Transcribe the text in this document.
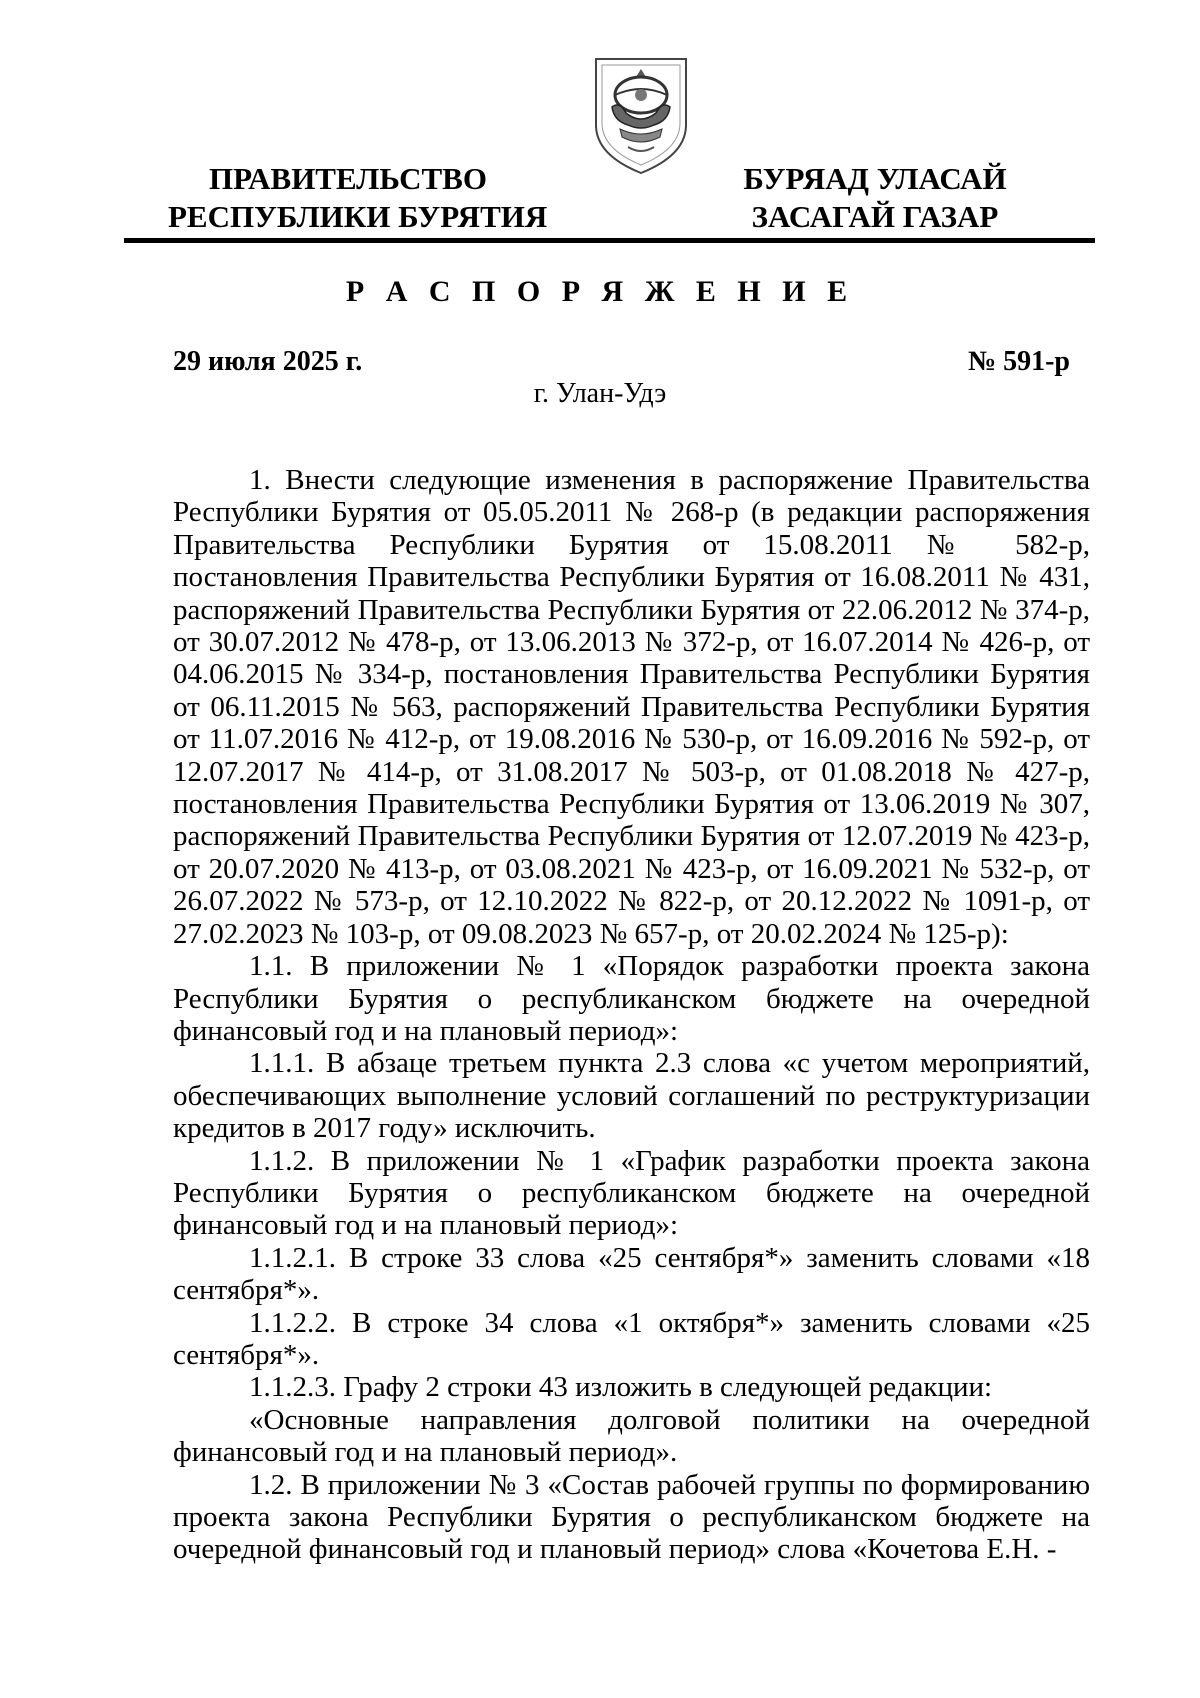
ПРАВИТЕЛЬСТВО
РЕСПУБЛИКИ БУРЯТИЯ
БУРЯАД УЛАСАЙ
ЗАСАГАЙ ГАЗАР
Р А С П О Р Я Ж Е Н И Е
29 июля 2025 г.	№ 591-р
г. Улан-Удэ

1. Внести следующие изменения в распоряжение Правительства Республики Бурятия от 05.05.2011 № 268-р (в редакции распоряжения Правительства Республики Бурятия от 15.08.2011 № 582-р, постановления Правительства Республики Бурятия от 16.08.2011 № 431, распоряжений Правительства Республики Бурятия от 22.06.2012 № 374-р, от 30.07.2012 № 478-р, от 13.06.2013 № 372-р, от 16.07.2014 № 426-р, от 04.06.2015 № 334-р, постановления Правительства Республики Бурятия от 06.11.2015 № 563, распоряжений Правительства Республики Бурятия от 11.07.2016 № 412-р, от 19.08.2016 № 530-р, от 16.09.2016 № 592-р, от 12.07.2017 № 414-р, от 31.08.2017 № 503-р, от 01.08.2018 № 427-р, постановления Правительства Республики Бурятия от 13.06.2019 № 307, распоряжений Правительства Республики Бурятия от 12.07.2019 № 423-р, от 20.07.2020 № 413-р, от 03.08.2021 № 423-р, от 16.09.2021 № 532-р, от 26.07.2022 № 573-р, от 12.10.2022 № 822-р, от 20.12.2022 № 1091-р, от 27.02.2023 № 103-р, от 09.08.2023 № 657-р, от 20.02.2024 № 125-р):

1.1. В приложении № 1 «Порядок разработки проекта закона Республики Бурятия о республиканском бюджете на очередной финансовый год и на плановый период»:

1.1.1. В абзаце третьем пункта 2.3 слова «с учетом мероприятий, обеспечивающих выполнение условий соглашений по реструктуризации кредитов в 2017 году» исключить.

1.1.2. В приложении № 1 «График разработки проекта закона Республики Бурятия о республиканском бюджете на очередной финансовый год и на плановый период»:

1.1.2.1. В строке 33 слова «25 сентября*» заменить словами «18 сентября*».

1.1.2.2. В строке 34 слова «1 октября*» заменить словами «25 сентября*».

1.1.2.3. Графу 2 строки 43 изложить в следующей редакции:

«Основные направления долговой политики на очередной финансовый год и на плановый период».

1.2. В приложении № 3 «Состав рабочей группы по формированию проекта закона Республики Бурятия о республиканском бюджете на очередной финансовый год и плановый период» слова «Кочетова Е.Н. -
